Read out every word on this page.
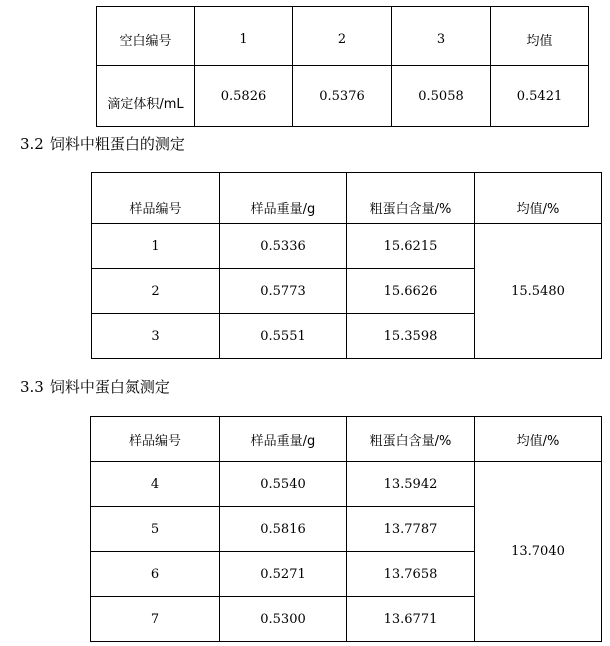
空白编号	1	2	3	均值
滴定体积/mL	0.5826	0.5376	0.5058	0.5421
3.2 饲料中粗蛋白的测定
样品编号	样品重量/g	粗蛋白含量/%	均值/%
1	0.5336	15.6215	15.5480
2	0.5773	15.6626	
3	0.5551	15.3598	
3.3 饲料中蛋白氮测定
样品编号	样品重量/g	粗蛋白含量/%	均值/%
4	0.5540	13.5942	13.7040
5	0.5816	13.7787	
6	0.5271	13.7658	
7	0.5300	13.6771	
